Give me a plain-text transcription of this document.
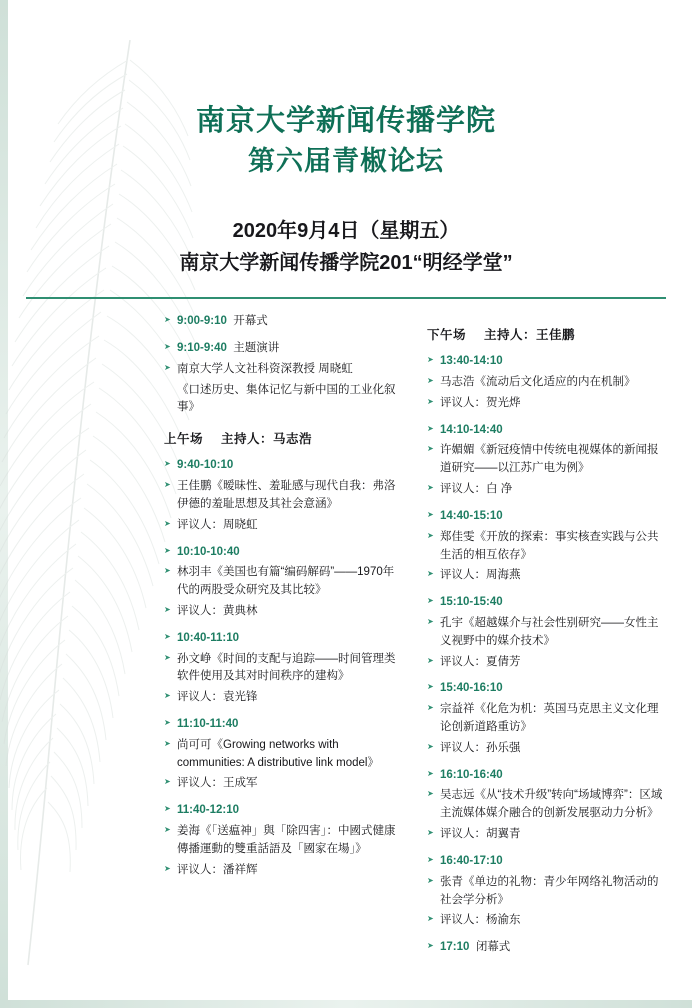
南京大学新闻传播学院
第六届青椒论坛
2020年9月4日（星期五）
南京大学新闻传播学院201“明经学堂”
➤ 9:00-9:10 开幕式
➤ 9:10-9:40 主题演讲
➤ 南京大学人文社科资深教授 周晓虹
《口述历史、集体记忆与新中国的工业化叙事》
上午场 主持人：马志浩
➤ 9:40-10:10
➤ 王佳鹏《暧昧性、羞耻感与现代自我：弗洛伊德的羞耻思想及其社会意涵》
➤ 评议人：周晓虹
➤ 10:10-10:40
➤ 林羽丰《美国也有篇“编码解码”——1970年代的两股受众研究及其比较》
➤ 评议人：黄典林
➤ 10:40-11:10
➤ 孙文峥《时间的支配与追踪——时间管理类软件使用及其对时间秩序的建构》
➤ 评议人：袁光锋
➤ 11:10-11:40
➤ 尚可可《Growing networks with communities: A distributive link model》
➤ 评议人：王成军
➤ 11:40-12:10
➤ 姜海《「送瘟神」與「除四害」：中國式健康傳播運動的雙重話語及「國家在場」》
➤ 评议人：潘祥辉
下午场 主持人：王佳鹏
➤ 13:40-14:10
➤ 马志浩《流动后文化适应的内在机制》
➤ 评议人：贺光烨
➤ 14:10-14:40
➤ 许媚媚《新冠疫情中传统电视媒体的新闻报道研究——以江苏广电为例》
➤ 评议人：白 净
➤ 14:40-15:10
➤ 郑佳雯《开放的探索：事实核查实践与公共生活的相互依存》
➤ 评议人：周海燕
➤ 15:10-15:40
➤ 孔宇《超越媒介与社会性别研究——女性主义视野中的媒介技术》
➤ 评议人：夏倩芳
➤ 15:40-16:10
➤ 宗益祥《化危为机：英国马克思主义文化理论创新道路重访》
➤ 评议人：孙乐强
➤ 16:10-16:40
➤ 吴志远《从“技术升级”转向“场域博弈”：区域主流媒体媒介融合的创新发展驱动力分析》
➤ 评议人：胡翼青
➤ 16:40-17:10
➤ 张青《单边的礼物：青少年网络礼物活动的社会学分析》
➤ 评议人：杨渝东
➤ 17:10 闭幕式
